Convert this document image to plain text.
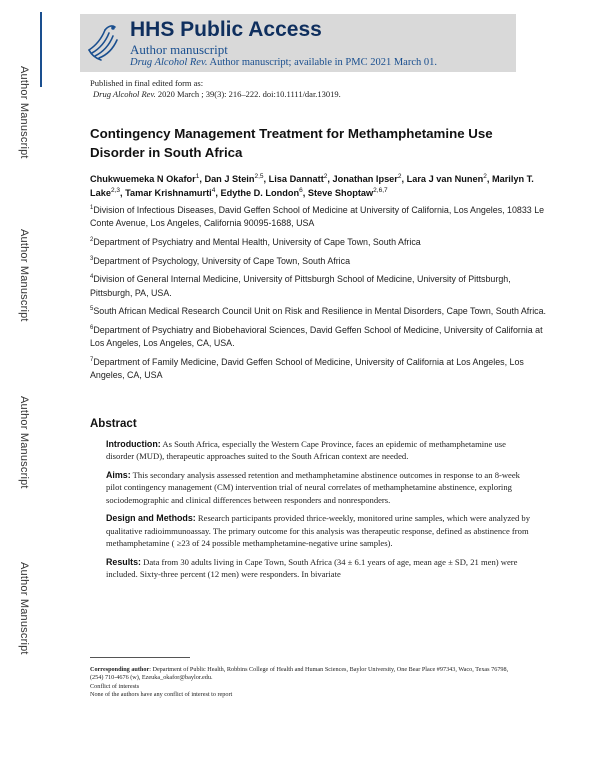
Author Manuscript
Author Manuscript
Author Manuscript
Author Manuscript
HHS Public Access
Author manuscript
Drug Alcohol Rev. Author manuscript; available in PMC 2021 March 01.
Published in final edited form as:
Drug Alcohol Rev. 2020 March ; 39(3): 216–222. doi:10.1111/dar.13019.
Contingency Management Treatment for Methamphetamine Use Disorder in South Africa
Chukwuemeka N Okafor$^1$, Dan J Stein$^{2,5}$, Lisa Dannatt$^2$, Jonathan Ipser$^2$, Lara J van Nunen$^2$, Marilyn T. Lake$^{2,3}$, Tamar Krishnamurti$^4$, Edythe D. London$^6$, Steve Shoptaw$^{2,6,7}$

$^1$Division of Infectious Diseases, David Geffen School of Medicine at University of California, Los Angeles, 10833 Le Conte Avenue, Los Angeles, California 90095-1688, USA

$^2$Department of Psychiatry and Mental Health, University of Cape Town, South Africa

$^3$Department of Psychology, University of Cape Town, South Africa

$^4$Division of General Internal Medicine, University of Pittsburgh School of Medicine, University of Pittsburgh, Pittsburgh, PA, USA.

$^5$South African Medical Research Council Unit on Risk and Resilience in Mental Disorders, Cape Town, South Africa.

$^6$Department of Psychiatry and Biobehavioral Sciences, David Geffen School of Medicine, University of California at Los Angeles, Los Angeles, CA, USA.

$^7$Department of Family Medicine, David Geffen School of Medicine, University of California at Los Angeles, Los Angeles, CA, USA

Abstract

Introduction: As South Africa, especially the Western Cape Province, faces an epidemic of methamphetamine use disorder (MUD), therapeutic approaches suited to the South African context are needed.

Aims: This secondary analysis assessed retention and methamphetamine abstinence outcomes in response to an 8-week pilot contingency management (CM) intervention trial of neural correlates of methamphetamine abstinence, exploring sociodemographic and clinical differences between responders and nonresponders.

Design and Methods: Research participants provided thrice-weekly, monitored urine samples, which were analyzed by qualitative radioimmunoassay. The primary outcome for this analysis was therapeutic response, defined as abstinence from methamphetamine ( ≥23 of 24 possible methamphetamine-negative urine samples).

Results: Data from 30 adults living in Cape Town, South Africa (34 ± 6.1 years of age, mean age ± SD, 21 men) were included. Sixty-three percent (12 men) were responders. In bivariate

Corresponding author: Department of Public Health, Robbins College of Health and Human Sciences, Baylor University, One Bear Place #97343, Waco, Texas 76798, (254) 710-4676 (w), Ezeuka_okafor@baylor.edu.
Conflict of interests
None of the authors have any conflict of interest to report
